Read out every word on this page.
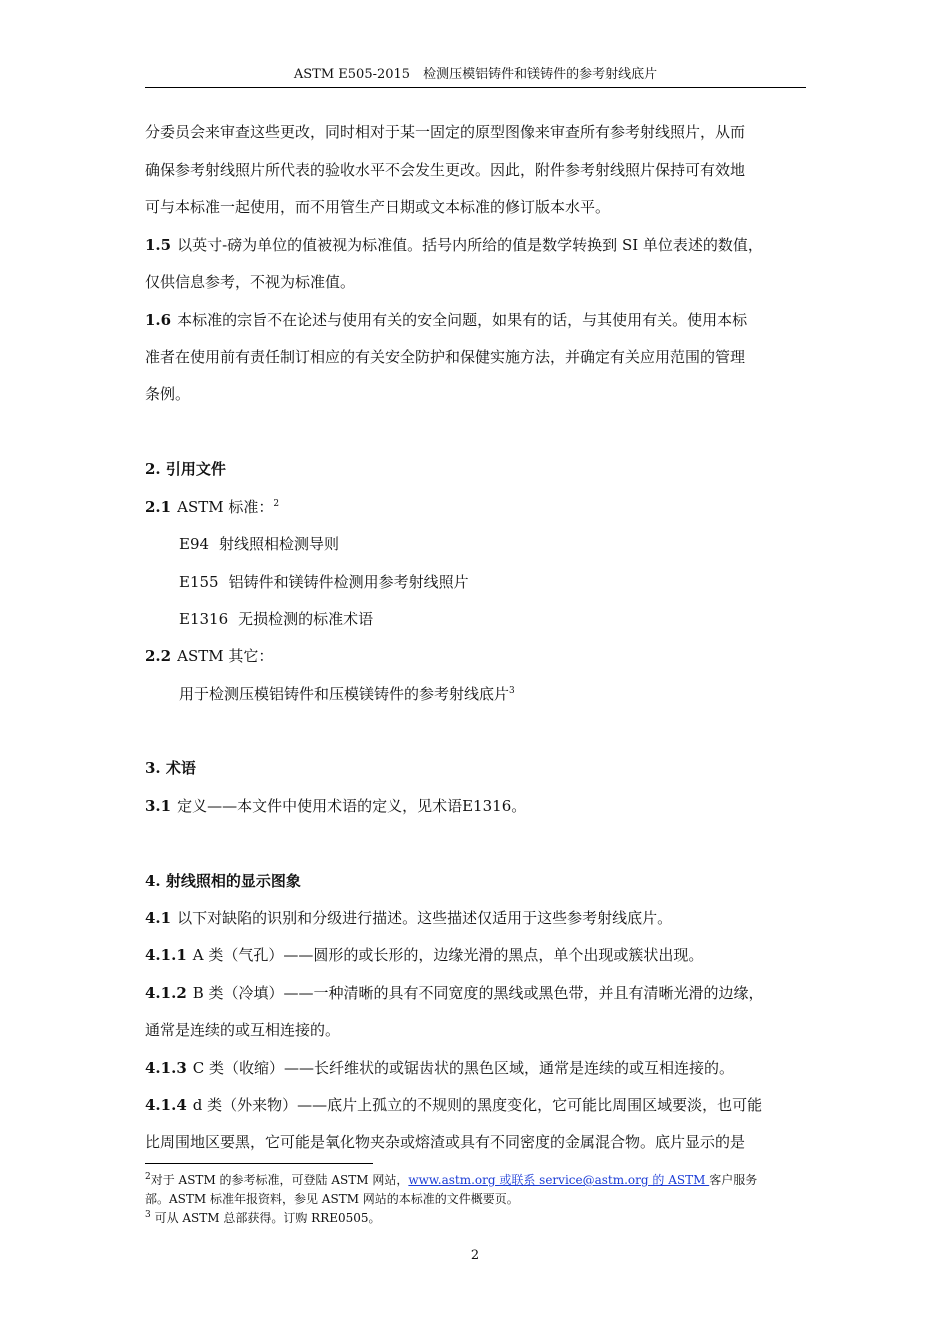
ASTM E505-2015　检测压模铝铸件和镁铸件的参考射线底片
分委员会来审查这些更改，同时相对于某一固定的原型图像来审查所有参考射线照片，从而
确保参考射线照片所代表的验收水平不会发生更改。因此，附件参考射线照片保持可有效地
可与本标准一起使用，而不用管生产日期或文本标准的修订版本水平。
1.5 以英寸-磅为单位的值被视为标准值。括号内所给的值是数学转换到 SI 单位表述的数值，
仅供信息参考，不视为标准值。
1.6 本标准的宗旨不在论述与使用有关的安全问题，如果有的话，与其使用有关。使用本标
准者在使用前有责任制订相应的有关安全防护和保健实施方法，并确定有关应用范围的管理
条例。
2. 引用文件
2.1 ASTM 标准：$^2$
E94 射线照相检测导则
E155 铝铸件和镁铸件检测用参考射线照片
E1316 无损检测的标准术语
2.2 ASTM 其它：
用于检测压模铝铸件和压模镁铸件的参考射线底片$^3$
3. 术语
3.1 定义——本文件中使用术语的定义，见术语E1316。
4. 射线照相的显示图象
4.1 以下对缺陷的识别和分级进行描述。这些描述仅适用于这些参考射线底片。
4.1.1 A 类（气孔）——圆形的或长形的，边缘光滑的黑点，单个出现或簇状出现。
4.1.2 B 类（冷填）——一种清晰的具有不同宽度的黑线或黑色带，并且有清晰光滑的边缘，
通常是连续的或互相连接的。
4.1.3 C 类（收缩）——长纤维状的或锯齿状的黑色区域，通常是连续的或互相连接的。
4.1.4 d 类（外来物）——底片上孤立的不规则的黑度变化，它可能比周围区域要淡，也可能
比周围地区要黑，它可能是氧化物夹杂或熔渣或具有不同密度的金属混合物。底片显示的是
$^2$对于 ASTM 的参考标准，可登陆 ASTM 网站，www.astm.org 或联系 service@astm.org 的 ASTM 客户服务
部。ASTM 标准年报资料，参见 ASTM 网站的本标准的文件概要页。
$^3$ 可从 ASTM 总部获得。订购 RRE0505。
2
